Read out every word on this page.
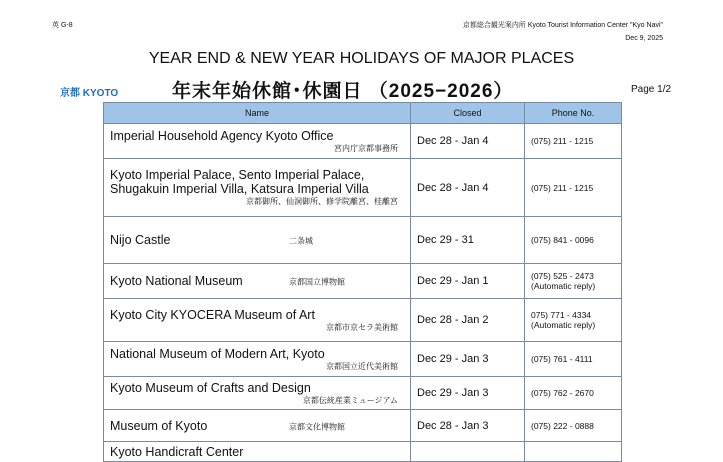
英 G-8	京都総合観光案内所 Kyoto Tourist Information Center "Kyo Navi"
Dec 9, 2025
YEAR END & NEW YEAR HOLIDAYS OF MAJOR PLACES
京都 KYOTO	年末年始休館･休園日 （2025−2026）	Page 1/2
Name	Closed	Phone No.
Imperial Household Agency Kyoto Office
宮内庁京都事務所	Dec 28 - Jan 4	(075) 211 - 1215
Kyoto Imperial Palace, Sento Imperial Palace,
Shugakuin Imperial Villa, Katsura Imperial Villa
京都御所、仙洞御所、修学院離宮、桂離宮	Dec 28 - Jan 4	(075) 211 - 1215
Nijo Castle 二条城	Dec 29 - 31	(075) 841 - 0096
Kyoto National Museum 京都国立博物館	Dec 29 - Jan 1	(075) 525 - 2473
(Automatic reply)
Kyoto City KYOCERA Museum of Art
京都市京セラ美術館	Dec 28 - Jan 2	075) 771 - 4334
(Automatic reply)
National Museum of Modern Art, Kyoto
京都国立近代美術館	Dec 29 - Jan 3	(075) 761 - 4111
Kyoto Museum of Crafts and Design
京都伝統産業ミュージアム	Dec 29 - Jan 3	(075) 762 - 2670
Museum of Kyoto 京都文化博物館	Dec 28 - Jan 3	(075) 222 - 0888
Kyoto Handicraft Center		
